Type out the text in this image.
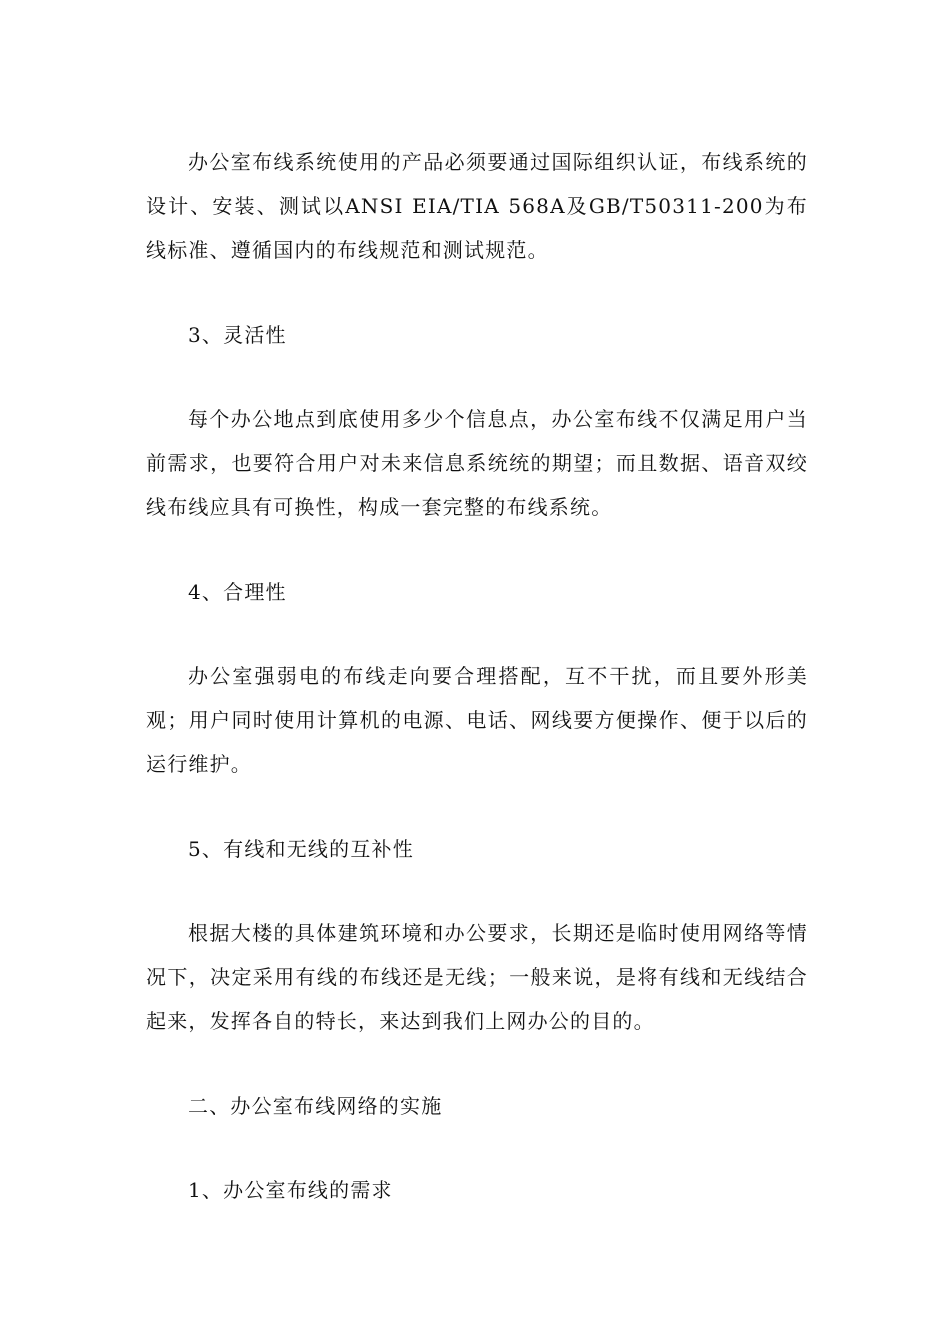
办公室布线系统使用的产品必须要通过国际组织认证，布线系统的设计、安装、测试以ANSI EIA/TIA 568A及GB/T50311-200为布线标准、遵循国内的布线规范和测试规范。

3、灵活性

每个办公地点到底使用多少个信息点，办公室布线不仅满足用户当前需求，也要符合用户对未来信息系统统的期望；而且数据、语音双绞线布线应具有可换性，构成一套完整的布线系统。

4、合理性

办公室强弱电的布线走向要合理搭配，互不干扰，而且要外形美观；用户同时使用计算机的电源、电话、网线要方便操作、便于以后的运行维护。

5、有线和无线的互补性

根据大楼的具体建筑环境和办公要求，长期还是临时使用网络等情况下，决定采用有线的布线还是无线；一般来说，是将有线和无线结合起来，发挥各自的特长，来达到我们上网办公的目的。

二、办公室布线网络的实施

1、办公室布线的需求
